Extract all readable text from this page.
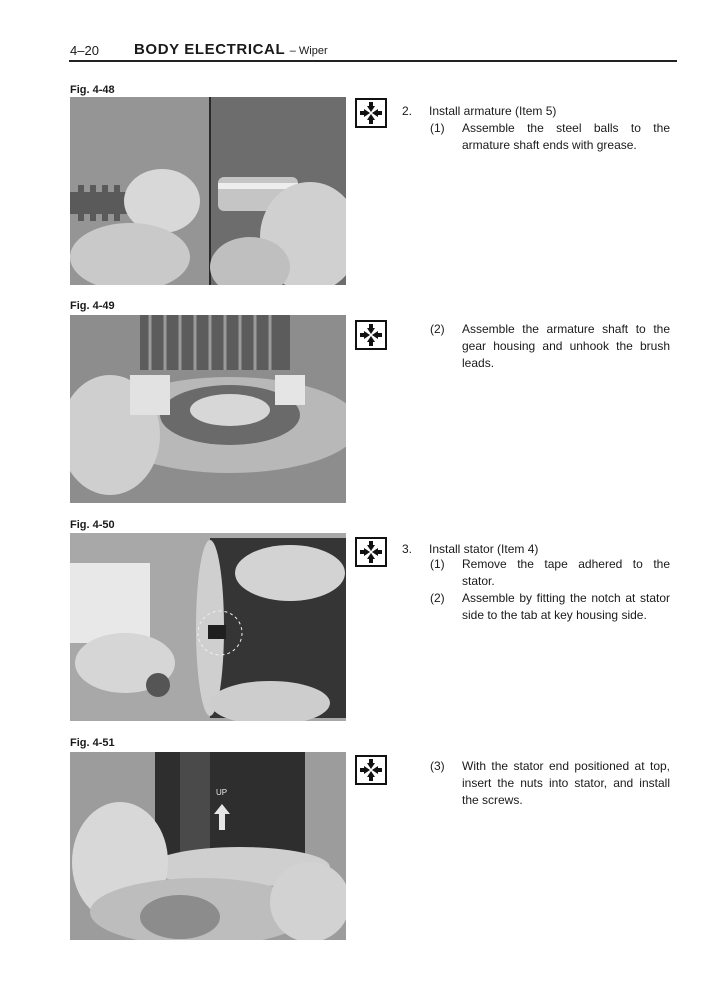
4–20 BODY ELECTRICAL – Wiper
Fig. 4-48
Fig. 4-49
Fig. 4-50
Fig. 4-51
UP
2. Install armature (Item 5)
(1) Assemble the steel balls to the armature shaft ends with grease.
(2) Assemble the armature shaft to the gear housing and unhook the brush leads.
3. Install stator (Item 4)
(1) Remove the tape adhered to the stator.
(2) Assemble by fitting the notch at stator side to the tab at key housing side.
(3) With the stator end positioned at top, insert the nuts into stator, and install the screws.
